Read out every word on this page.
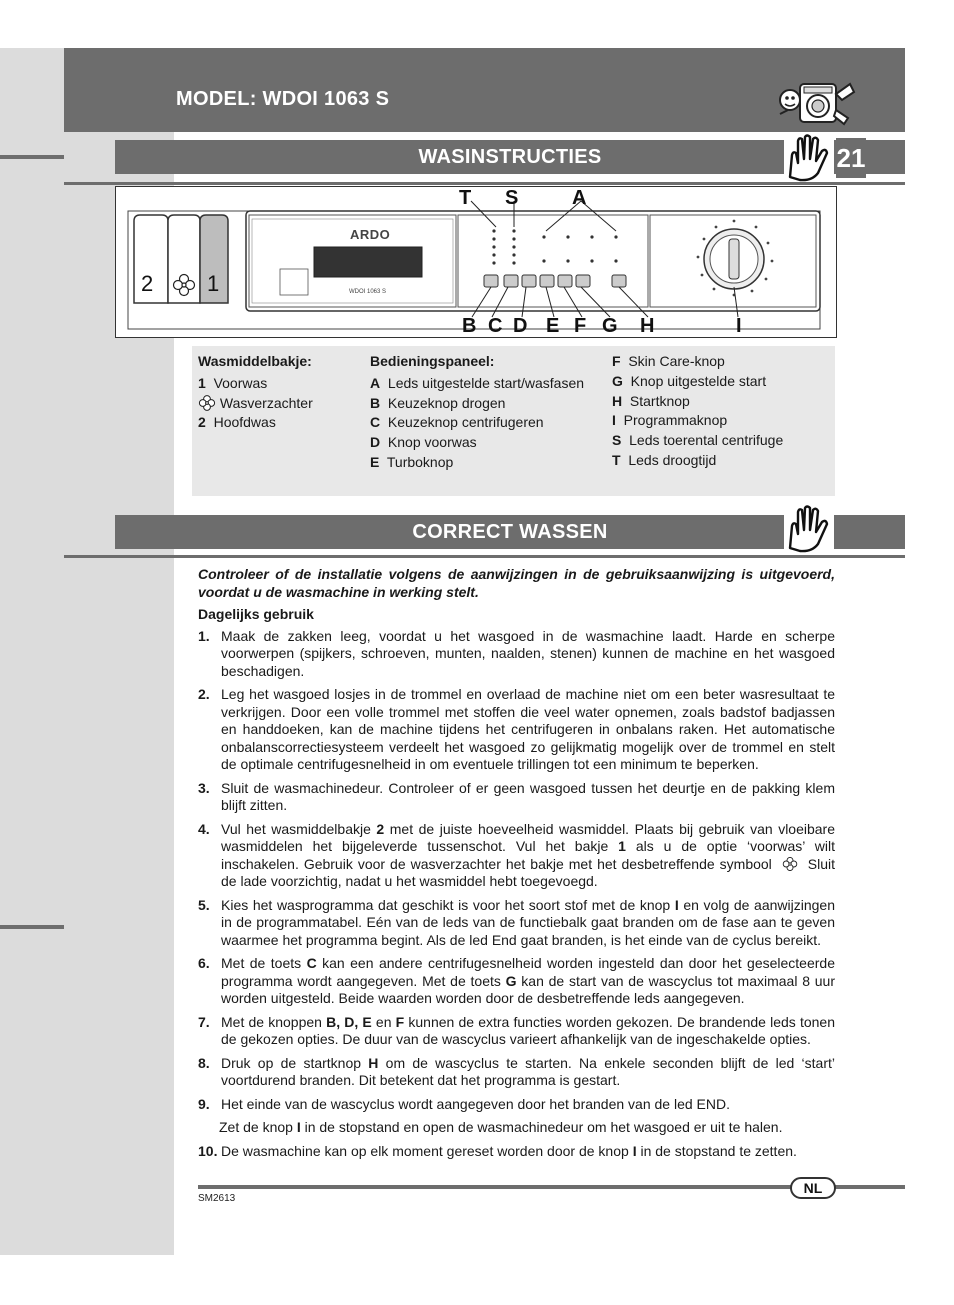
MODEL: WDOI 1063 S
WASINSTRUCTIES	21
2 1
ARDO
WDOI 1063 S
T S	A
B C D E F G H	I
Wasmiddelbakje:
1 Voorwas
Wasverzachter
2 Hoofdwas
Bedieningspaneel:
A Leds uitgestelde start/wasfasen
B Keuzeknop drogen
C Keuzeknop centrifugeren
D Knop voorwas
E Turboknop
F Skin Care-knop
G Knop uitgestelde start
H Startknop
I Programmaknop
S Leds toerental centrifuge
T Leds droogtijd
CORRECT WASSEN

Controleer of de installatie volgens de aanwijzingen in de gebruiksaanwijzing is uitgevoerd, voordat u de wasmachine in werking stelt.

Dagelijks gebruik

1. Maak de zakken leeg, voordat u het wasgoed in de wasmachine laadt. Harde en scherpe voorwerpen (spijkers, schroeven, munten, naalden, stenen) kunnen de machine en het wasgoed beschadigen.
2. Leg het wasgoed losjes in de trommel en overlaad de machine niet om een beter wasresultaat te verkrijgen. Door een volle trommel met stoffen die veel water opnemen, zoals badstof badjassen en handdoeken, kan de machine tijdens het centrifugeren in onbalans raken. Het automatische onbalanscorrectiesysteem verdeelt het wasgoed zo gelijkmatig mogelijk over de trommel en stelt de optimale centrifugesnelheid in om eventuele trillingen tot een minimum te beperken.
3. Sluit de wasmachinedeur. Controleer of er geen wasgoed tussen het deurtje en de pakking klem blijft zitten.
4. Vul het wasmiddelbakje 2 met de juiste hoeveelheid wasmiddel. Plaats bij gebruik van vloeibare wasmiddelen het bijgeleverde tussenschot. Vul het bakje 1 als u de optie ‘voorwas’ wilt inschakelen. Gebruik voor de wasverzachter het bakje met het desbetreffende symbool  Sluit de lade voorzichtig, nadat u het wasmiddel hebt toegevoegd.
5. Kies het wasprogramma dat geschikt is voor het soort stof met de knop I en volg de aanwijzingen in de programmatabel. Eén van de leds van de functiebalk gaat branden om de fase aan te geven waarmee het programma begint. Als de led End gaat branden, is het einde van de cyclus bereikt.
6. Met de toets C kan een andere centrifugesnelheid worden ingesteld dan door het geselecteerde programma wordt aangegeven. Met de toets G kan de start van de wascyclus tot maximaal 8 uur worden uitgesteld. Beide waarden worden door de desbetreffende leds aangegeven.
7. Met de knoppen B, D, E en F kunnen de extra functies worden gekozen. De brandende leds tonen de gekozen opties. De duur van de wascyclus varieert afhankelijk van de ingeschakelde opties.
8. Druk op de startknop H om de wascyclus te starten. Na enkele seconden blijft de led ‘start’ voortdurend branden. Dit betekent dat het programma is gestart.
9. Het einde van de wascyclus wordt aangegeven door het branden van de led END.
Zet de knop I in de stopstand en open de wasmachinedeur om het wasgoed er uit te halen.
10. De wasmachine kan op elk moment gereset worden door de knop I in de stopstand te zetten.
NL
SM2613
